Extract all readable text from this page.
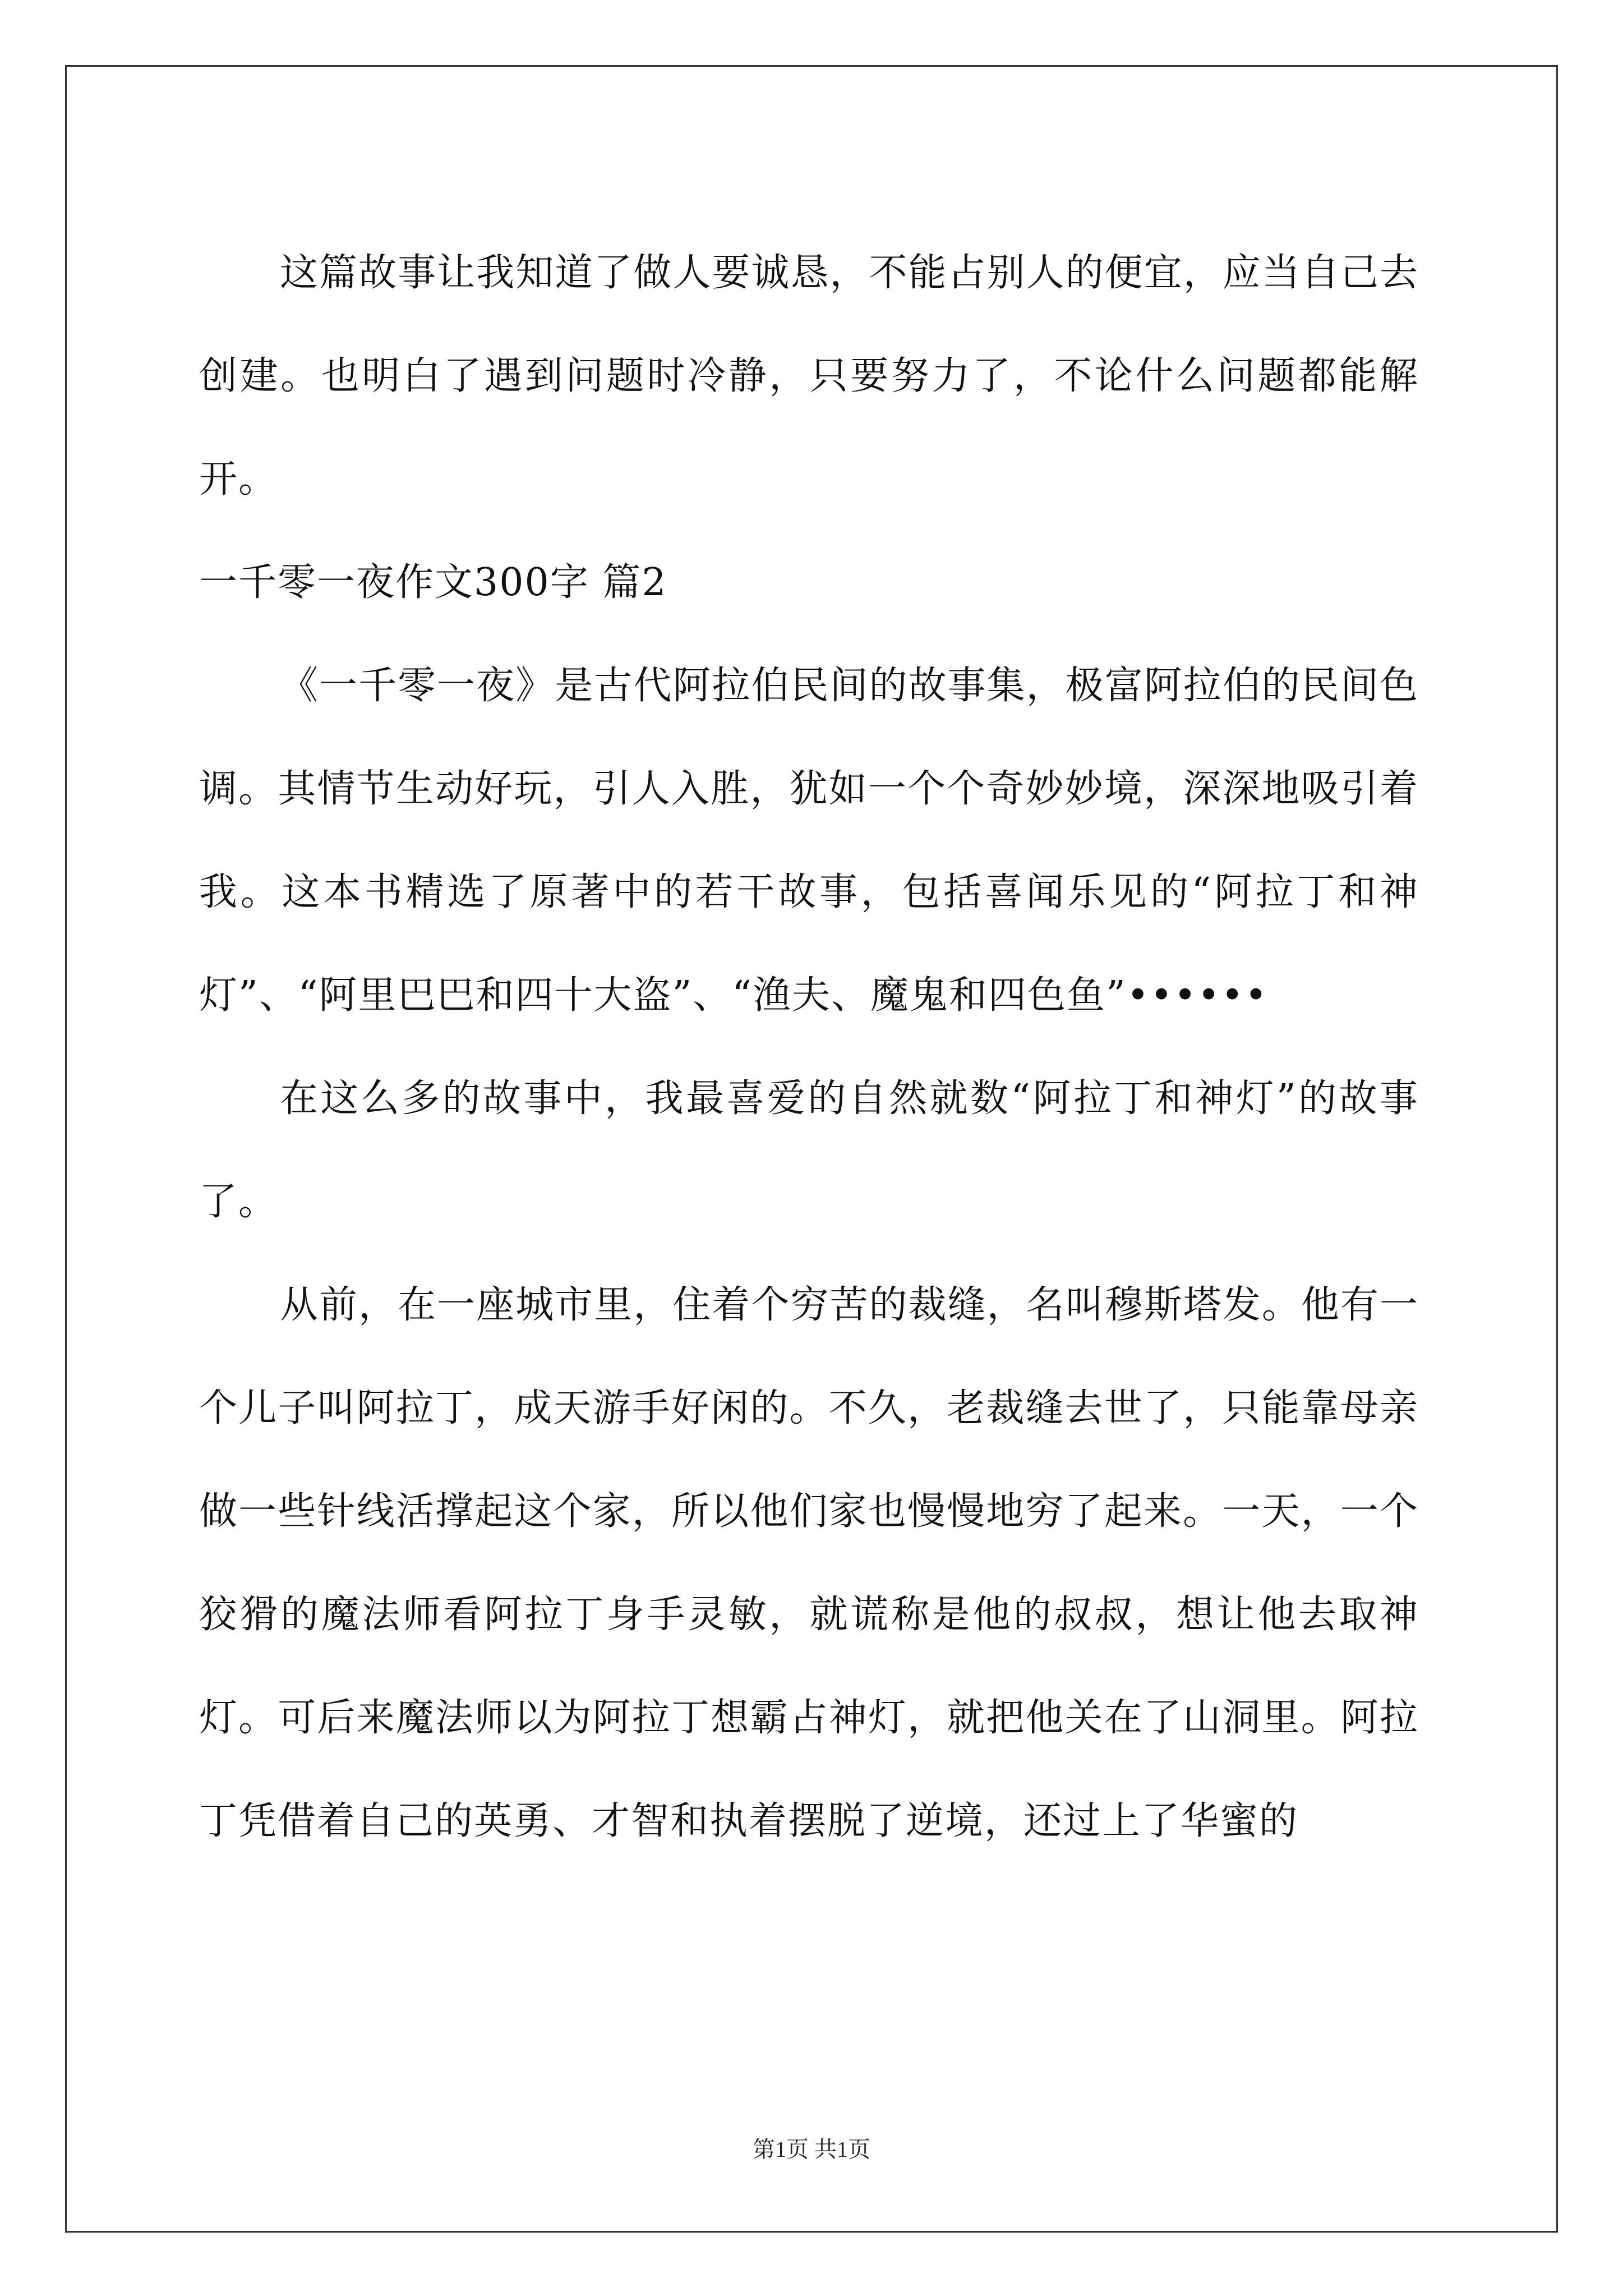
这篇故事让我知道了做人要诚恳，不能占别人的便宜，应当自己去创建。也明白了遇到问题时冷静，只要努力了，不论什么问题都能解开。

一千零一夜作文300字 篇2

《一千零一夜》是古代阿拉伯民间的故事集，极富阿拉伯的民间色调。其情节生动好玩，引人入胜，犹如一个个奇妙妙境，深深地吸引着我。这本书精选了原著中的若干故事，包括喜闻乐见的“阿拉丁和神灯”、“阿里巴巴和四十大盗”、“渔夫、魔鬼和四色鱼”••••••

在这么多的故事中，我最喜爱的自然就数“阿拉丁和神灯”的故事了。

从前，在一座城市里，住着个穷苦的裁缝，名叫穆斯塔发。他有一个儿子叫阿拉丁，成天游手好闲的。不久，老裁缝去世了，只能靠母亲做一些针线活撑起这个家，所以他们家也慢慢地穷了起来。一天，一个狡猾的魔法师看阿拉丁身手灵敏，就谎称是他的叔叔，想让他去取神灯。可后来魔法师以为阿拉丁想霸占神灯，就把他关在了山洞里。阿拉丁凭借着自己的英勇、才智和执着摆脱了逆境，还过上了华蜜的

第1页 共1页
